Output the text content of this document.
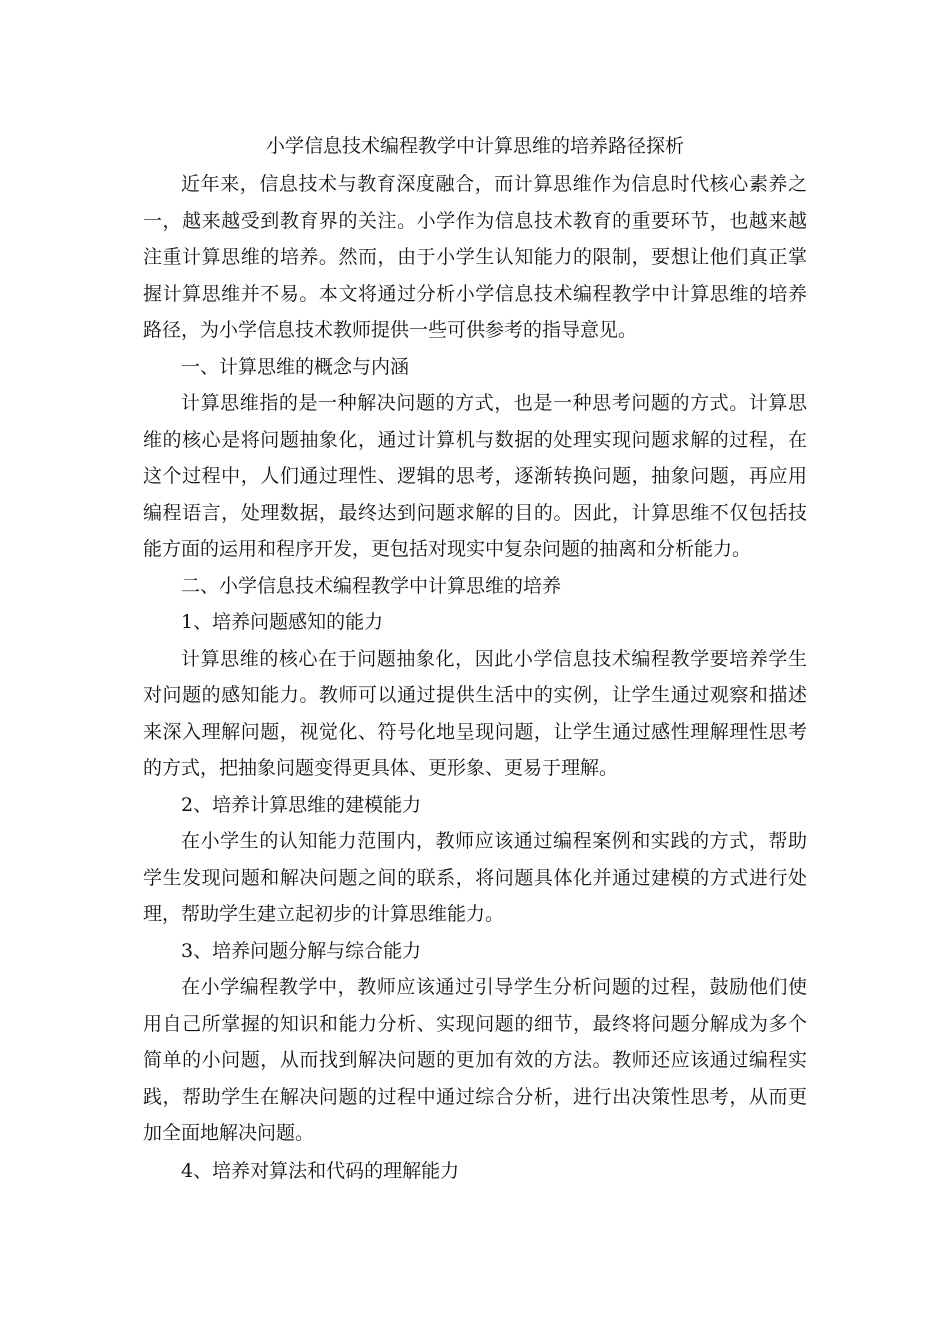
小学信息技术编程教学中计算思维的培养路径探析

近年来，信息技术与教育深度融合，而计算思维作为信息时代核心素养之一，越来越受到教育界的关注。小学作为信息技术教育的重要环节，也越来越注重计算思维的培养。然而，由于小学生认知能力的限制，要想让他们真正掌握计算思维并不易。本文将通过分析小学信息技术编程教学中计算思维的培养路径，为小学信息技术教师提供一些可供参考的指导意见。

一、计算思维的概念与内涵

计算思维指的是一种解决问题的方式，也是一种思考问题的方式。计算思维的核心是将问题抽象化，通过计算机与数据的处理实现问题求解的过程，在这个过程中，人们通过理性、逻辑的思考，逐渐转换问题，抽象问题，再应用编程语言，处理数据，最终达到问题求解的目的。因此，计算思维不仅包括技能方面的运用和程序开发，更包括对现实中复杂问题的抽离和分析能力。

二、小学信息技术编程教学中计算思维的培养

1、培养问题感知的能力

计算思维的核心在于问题抽象化，因此小学信息技术编程教学要培养学生对问题的感知能力。教师可以通过提供生活中的实例，让学生通过观察和描述来深入理解问题，视觉化、符号化地呈现问题，让学生通过感性理解理性思考的方式，把抽象问题变得更具体、更形象、更易于理解。

2、培养计算思维的建模能力

在小学生的认知能力范围内，教师应该通过编程案例和实践的方式，帮助学生发现问题和解决问题之间的联系，将问题具体化并通过建模的方式进行处理，帮助学生建立起初步的计算思维能力。

3、培养问题分解与综合能力

在小学编程教学中，教师应该通过引导学生分析问题的过程，鼓励他们使用自己所掌握的知识和能力分析、实现问题的细节，最终将问题分解成为多个简单的小问题，从而找到解决问题的更加有效的方法。教师还应该通过编程实践，帮助学生在解决问题的过程中通过综合分析，进行出决策性思考，从而更加全面地解决问题。

4、培养对算法和代码的理解能力
